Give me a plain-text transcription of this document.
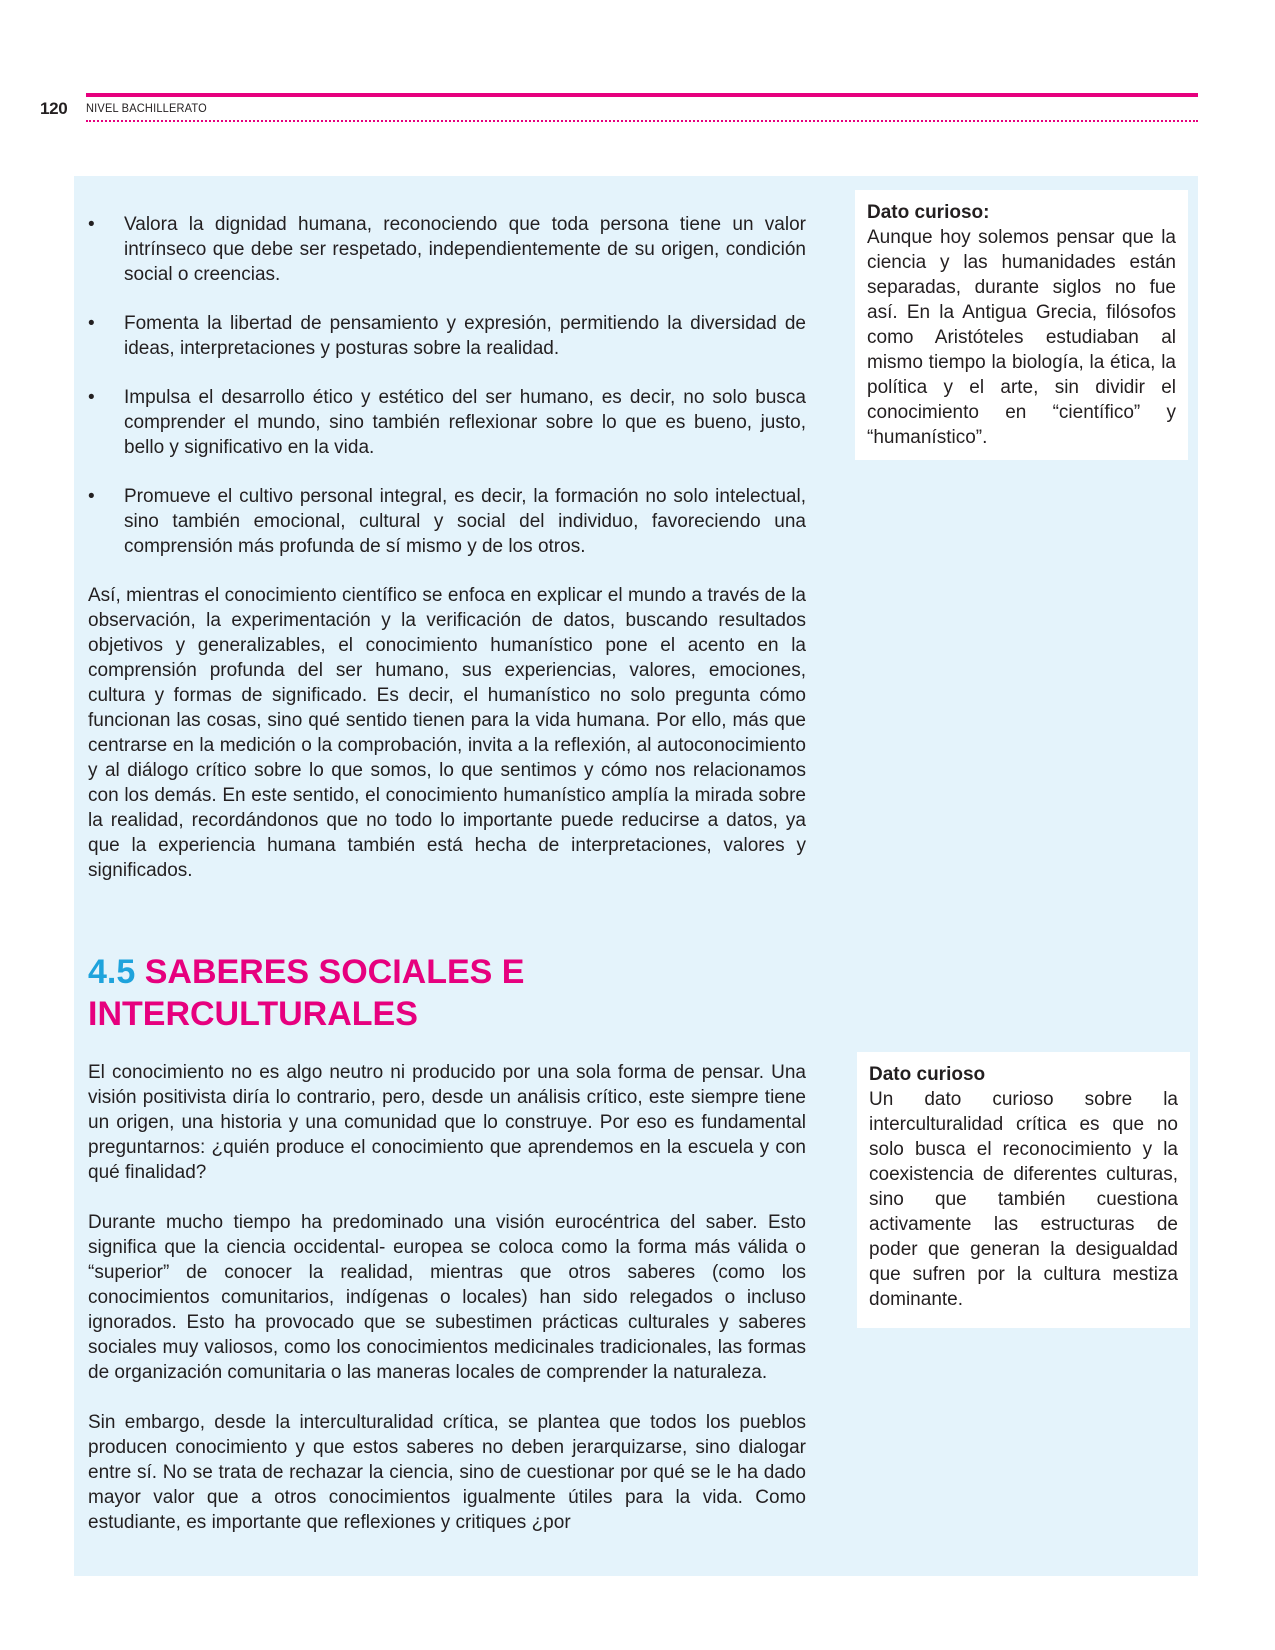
120 NIVEL BACHILLERATO
• Valora la dignidad humana, reconociendo que toda persona tiene un valor intrínseco que debe ser respetado, independientemente de su origen, condición social o creencias.
• Fomenta la libertad de pensamiento y expresión, permitiendo la diversidad de ideas, interpretaciones y posturas sobre la realidad.
• Impulsa el desarrollo ético y estético del ser humano, es decir, no solo busca comprender el mundo, sino también reflexionar sobre lo que es bueno, justo, bello y significativo en la vida.
• Promueve el cultivo personal integral, es decir, la formación no solo intelectual, sino también emocional, cultural y social del individuo, favoreciendo una comprensión más profunda de sí mismo y de los otros.

Así, mientras el conocimiento científico se enfoca en explicar el mundo a través de la observación, la experimentación y la verificación de datos, buscando resultados objetivos y generalizables, el conocimiento humanístico pone el acento en la comprensión profunda del ser humano, sus experiencias, valores, emociones, cultura y formas de significado. Es decir, el humanístico no solo pregunta cómo funcionan las cosas, sino qué sentido tienen para la vida humana. Por ello, más que centrarse en la medición o la comprobación, invita a la reflexión, al autoconocimiento y al diálogo crítico sobre lo que somos, lo que sentimos y cómo nos relacionamos con los demás. En este sentido, el conocimiento humanístico amplía la mirada sobre la realidad, recordándonos que no todo lo importante puede reducirse a datos, ya que la experiencia humana también está hecha de interpretaciones, valores y significados.

4.5 SABERES SOCIALES E INTERCULTURALES

El conocimiento no es algo neutro ni producido por una sola forma de pensar. Una visión positivista diría lo contrario, pero, desde un análisis crítico, este siempre tiene un origen, una historia y una comunidad que lo construye. Por eso es fundamental preguntarnos: ¿quién produce el conocimiento que aprendemos en la escuela y con qué finalidad?

Durante mucho tiempo ha predominado una visión eurocéntrica del saber. Esto significa que la ciencia occidental- europea se coloca como la forma más válida o “superior” de conocer la realidad, mientras que otros saberes (como los conocimientos comunitarios, indígenas o locales) han sido relegados o incluso ignorados. Esto ha provocado que se subestimen prácticas culturales y saberes sociales muy valiosos, como los conocimientos medicinales tradicionales, las formas de organización comunitaria o las maneras locales de comprender la naturaleza.

Sin embargo, desde la interculturalidad crítica, se plantea que todos los pueblos producen conocimiento y que estos saberes no deben jerarquizarse, sino dialogar entre sí. No se trata de rechazar la ciencia, sino de cuestionar por qué se le ha dado mayor valor que a otros conocimientos igualmente útiles para la vida. Como estudiante, es importante que reflexiones y critiques ¿por

Dato curioso:
Aunque hoy solemos pensar que la ciencia y las humanidades están separadas, durante siglos no fue así. En la Antigua Grecia, filósofos como Aristóteles estudiaban al mismo tiempo la biología, la ética, la política y el arte, sin dividir el conocimiento en “científico” y “humanístico”.
Dato curioso
Un dato curioso sobre la interculturalidad crítica es que no solo busca el reconocimiento y la coexistencia de diferentes culturas, sino que también cuestiona activamente las estructuras de poder que generan la desigualdad que sufren por la cultura mestiza dominante.
